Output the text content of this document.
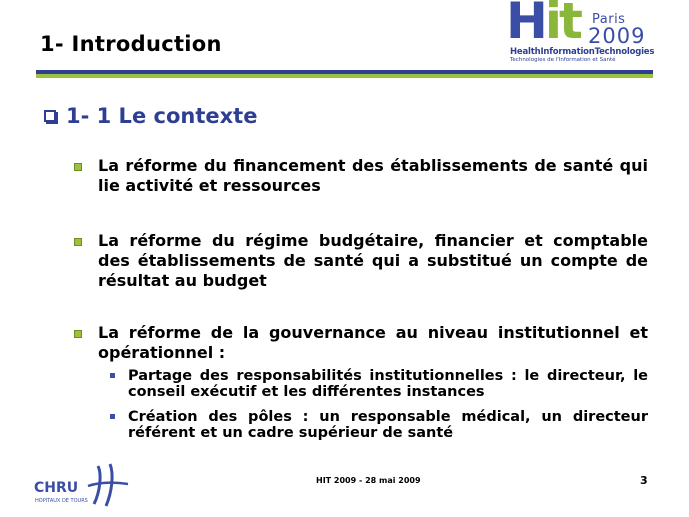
1- Introduction	Hit Paris
2009
HealthInformationTechnologies
Technologies de l'Information et Santé
1- 1 Le contexte
La réforme du financement des établissements de santé qui lie activité et ressources
La réforme du régime budgétaire, financier et comptable des établissements de santé qui a substitué un compte de résultat au budget
La réforme de la gouvernance au niveau institutionnel et opérationnel :
Partage des responsabilités institutionnelles : le directeur, le conseil exécutif et les différentes instances
Création des pôles : un responsable médical, un directeur référent et un cadre supérieur de santé
CHRU
HOPITAUX DE TOURS
HIT 2009 - 28 mai 2009	3
